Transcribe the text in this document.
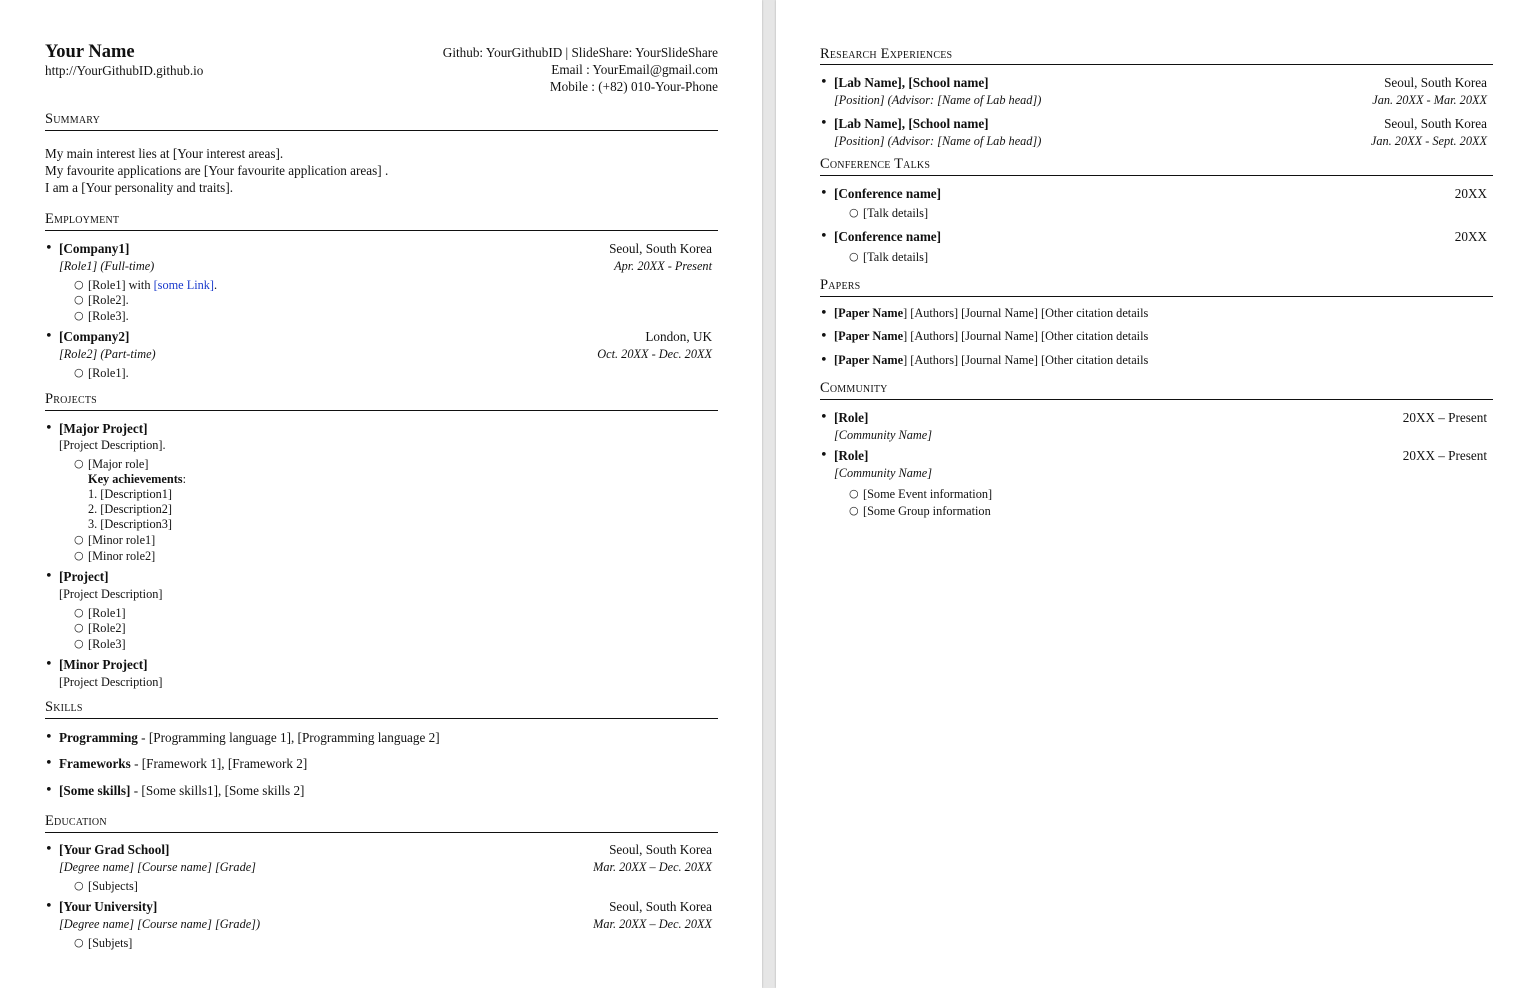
Your Name
http://YourGithubID.github.io
Github: YourGithubID | SlideShare: YourSlideShare
Email : YourEmail@gmail.com
Mobile : (+82) 010-Your-Phone
Summary
My main interest lies at [Your interest areas].
My favourite applications are [Your favourite application areas] .
I am a [Your personality and traits].
Employment
• [Company1]	Seoul, South Korea
[Role1] (Full-time)	Apr. 20XX - Present
○ [Role1] with [some Link].
○ [Role2].
○ [Role3].
• [Company2]	London, UK
[Role2] (Part-time)	Oct. 20XX - Dec. 20XX
○ [Role1].
Projects
• [Major Project]
[Project Description].
○ [Major role]
Key achievements:
1. [Description1]
2. [Description2]
3. [Description3]
○ [Minor role1]
○ [Minor role2]
• [Project]
[Project Description]
○ [Role1]
○ [Role2]
○ [Role3]
• [Minor Project]
[Project Description]
Skills
• Programming - [Programming language 1], [Programming language 2]
• Frameworks - [Framework 1], [Framework 2]
• [Some skills] - [Some skills1], [Some skills 2]
Education
• [Your Grad School]	Seoul, South Korea
[Degree name] [Course name] [Grade]	Mar. 20XX – Dec. 20XX
○ [Subjects]
• [Your University]	Seoul, South Korea
[Degree name] [Course name] [Grade])	Mar. 20XX – Dec. 20XX
○ [Subjets]
Research Experiences
• [Lab Name], [School name]	Seoul, South Korea
[Position] (Advisor: [Name of Lab head])	Jan. 20XX - Mar. 20XX
• [Lab Name], [School name]	Seoul, South Korea
[Position] (Advisor: [Name of Lab head])	Jan. 20XX - Sept. 20XX
Conference Talks
• [Conference name]	20XX
○ [Talk details]
• [Conference name]	20XX
○ [Talk details]
Papers
• [Paper Name] [Authors] [Journal Name] [Other citation details
• [Paper Name] [Authors] [Journal Name] [Other citation details
• [Paper Name] [Authors] [Journal Name] [Other citation details
Community
• [Role]	20XX – Present
[Community Name]
• [Role]	20XX – Present
[Community Name]
○ [Some Event information]
○ [Some Group information
